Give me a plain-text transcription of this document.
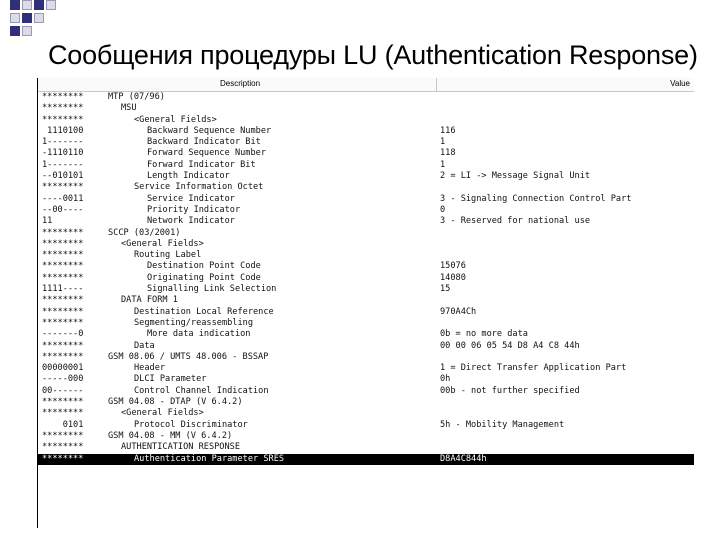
Сообщения процедуры LU (Authentication Response)
Description	Value
********	MTP (07/96)
********	MSU
********	<General Fields>
1110100	Backward Sequence Number	116
1-------	Backward Indicator Bit	1
-1110110	Forward Sequence Number	118
1-------	Forward Indicator Bit	1
--010101	Length Indicator	2 = LI -> Message Signal Unit
********	Service Information Octet
----0011	Service Indicator	3 - Signaling Connection Control Part
--00----	Priority Indicator	0
11	Network Indicator	3 - Reserved for national use
********	SCCP (03/2001)
********	<General Fields>
********	Routing Label
********	Destination Point Code	15076
********	Originating Point Code	14080
1111----	Signalling Link Selection	15
********	DATA FORM 1
********	Destination Local Reference	970A4Ch
********	Segmenting/reassembling
-------0	More data indication	0b = no more data
********	Data	00 00 06 05 54 D8 A4 C8 44h
********	GSM 08.06 / UMTS 48.006 - BSSAP
00000001	Header	1 = Direct Transfer Application Part
-----000	DLCI Parameter	0h
00------	Control Channel Indication	00b - not further specified
********	GSM 04.08 - DTAP (V 6.4.2)
********	<General Fields>
0101	Protocol Discriminator	5h - Mobility Management
********	GSM 04.08 - MM (V 6.4.2)
********	AUTHENTICATION RESPONSE
********	Authentication Parameter SRES	D8A4C844h
